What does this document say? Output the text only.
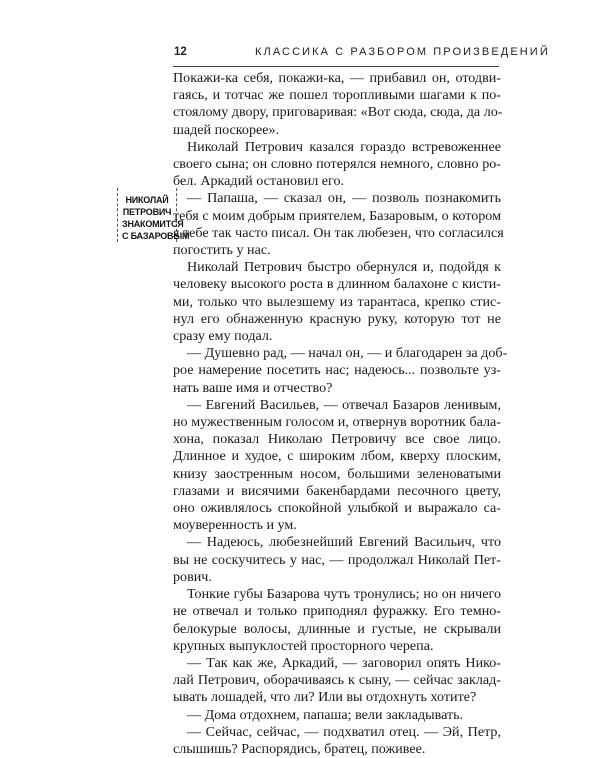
12	КЛАССИКА С РАЗБОРОМ ПРОИЗВЕДЕНИЙ
НИКОЛАЙ
ПЕТРОВИЧ
ЗНАКОМИТСЯ
С БАЗАРОВЫМ
Покажи-ка себя, покажи-ка, — прибавил он, отодви-
гаясь, и тотчас же пошел торопливыми шагами к по-
стоялому двору, приговаривая: «Вот сюда, сюда, да ло-
шадей поскорее».
Николай Петрович казался гораздо встревоженнее
своего сына; он словно потерялся немного, словно ро-
бел. Аркадий остановил его.
— Папаша, — сказал он, — позволь познакомить
тебя с моим добрым приятелем, Базаровым, о котором
я тебе так часто писал. Он так любезен, что согласился
погостить у нас.
Николай Петрович быстро обернулся и, подойдя к
человеку высокого роста в длинном балахоне с кисти-
ми, только что вылезшему из тарантаса, крепко стис-
нул его обнаженную красную руку, которую тот не
сразу ему подал.
— Душевно рад, — начал он, — и благодарен за доб-
рое намерение посетить нас; надеюсь... позвольте уз-
нать ваше имя и отчество?
— Евгений Васильев, — отвечал Базаров ленивым,
но мужественным голосом и, отвернув воротник бала-
хона, показал Николаю Петровичу все свое лицо.
Длинное и худое, с широким лбом, кверху плоским,
книзу заостренным носом, большими зеленоватыми
глазами и висячими бакенбардами песочного цвету,
оно оживлялось спокойной улыбкой и выражало са-
моуверенность и ум.
— Надеюсь, любезнейший Евгений Васильич, что
вы не соскучитесь у нас, — продолжал Николай Пет-
рович.
Тонкие губы Базарова чуть тронулись; но он ничего
не отвечал и только приподнял фуражку. Его темно-
белокурые волосы, длинные и густые, не скрывали
крупных выпуклостей просторного черепа.
— Так как же, Аркадий, — заговорил опять Нико-
лай Петрович, оборачиваясь к сыну, — сейчас заклад-
ывать лошадей, что ли? Или вы отдохнуть хотите?
— Дома отдохнем, папаша; вели закладывать.
— Сейчас, сейчас, — подхватил отец. — Эй, Петр,
слышишь? Распорядись, братец, поживее.
